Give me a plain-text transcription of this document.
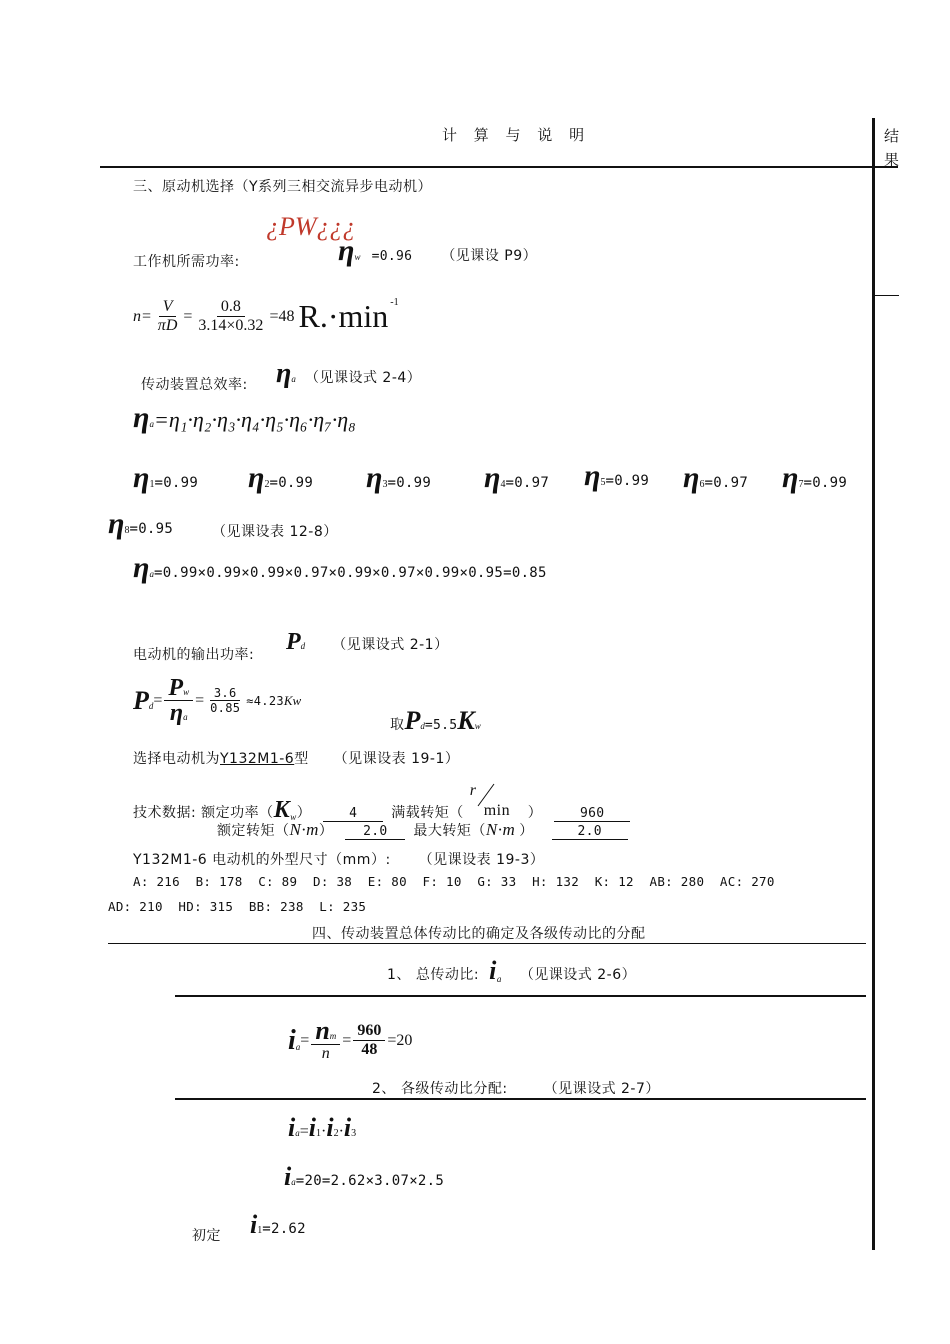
计 算 与 说 明	结果
三、原动机选择（Y系列三相交流异步电动机）
¿PW¿¿¿
工作机所需功率:	ηw =0.96 （见课设 P9）
$n= \frac{V}{\pi D} = \frac{0.8}{3.14\times 0.32} =48$ R.·min -1
传动装置总效率: ηa （见课设式 2-4）
ηa=η₁·η₂·η₃·η₄·η₅·η₆·η₇·η₈
η1=0.99 η2=0.99 η3=0.99 η4=0.97 η5=0.99 η6=0.97 η7=0.99
η8=0.95	（见课设表 12-8）
ηa=0.99×0.99×0.99×0.97×0.99×0.97×0.99×0.95=0.85
电动机的输出功率: Pd （见课设式 2-1）
P $d = \frac{Pw}{\eta a} = \frac{3.6}{0.85} \approx 4.23$ Kw
取Pd=5.5Kw
选择电动机为Y132M1-6型 （见课设表 19-1）
技术数据: 额定功率（ K w ）	4	满载转矩（
r
min ）	960
额定转矩（ N·m ）	2.0	最大转矩（ N·m ）	2.0
Y132M1-6 电动机的外型尺寸（mm）: （见课设表 19-3）
A: 216  B: 178  C: 89  D: 38  E: 80  F: 10  G: 33  H: 132  K: 12  AB: 280  AC: 270
AD: 210  HD: 315  BB: 238  L: 235
四、传动装置总体传动比的确定及各级传动比的分配
1、 总传动比: i a （见课设式 2-6）
i $a = \frac{nm}{n} = \frac{960}{48} =20$
2、 各级传动比分配:	（见课设式 2-7）
ia=i1·i2·i3
ia=20=2.62×3.07×2.5
初定 i1=2.62
